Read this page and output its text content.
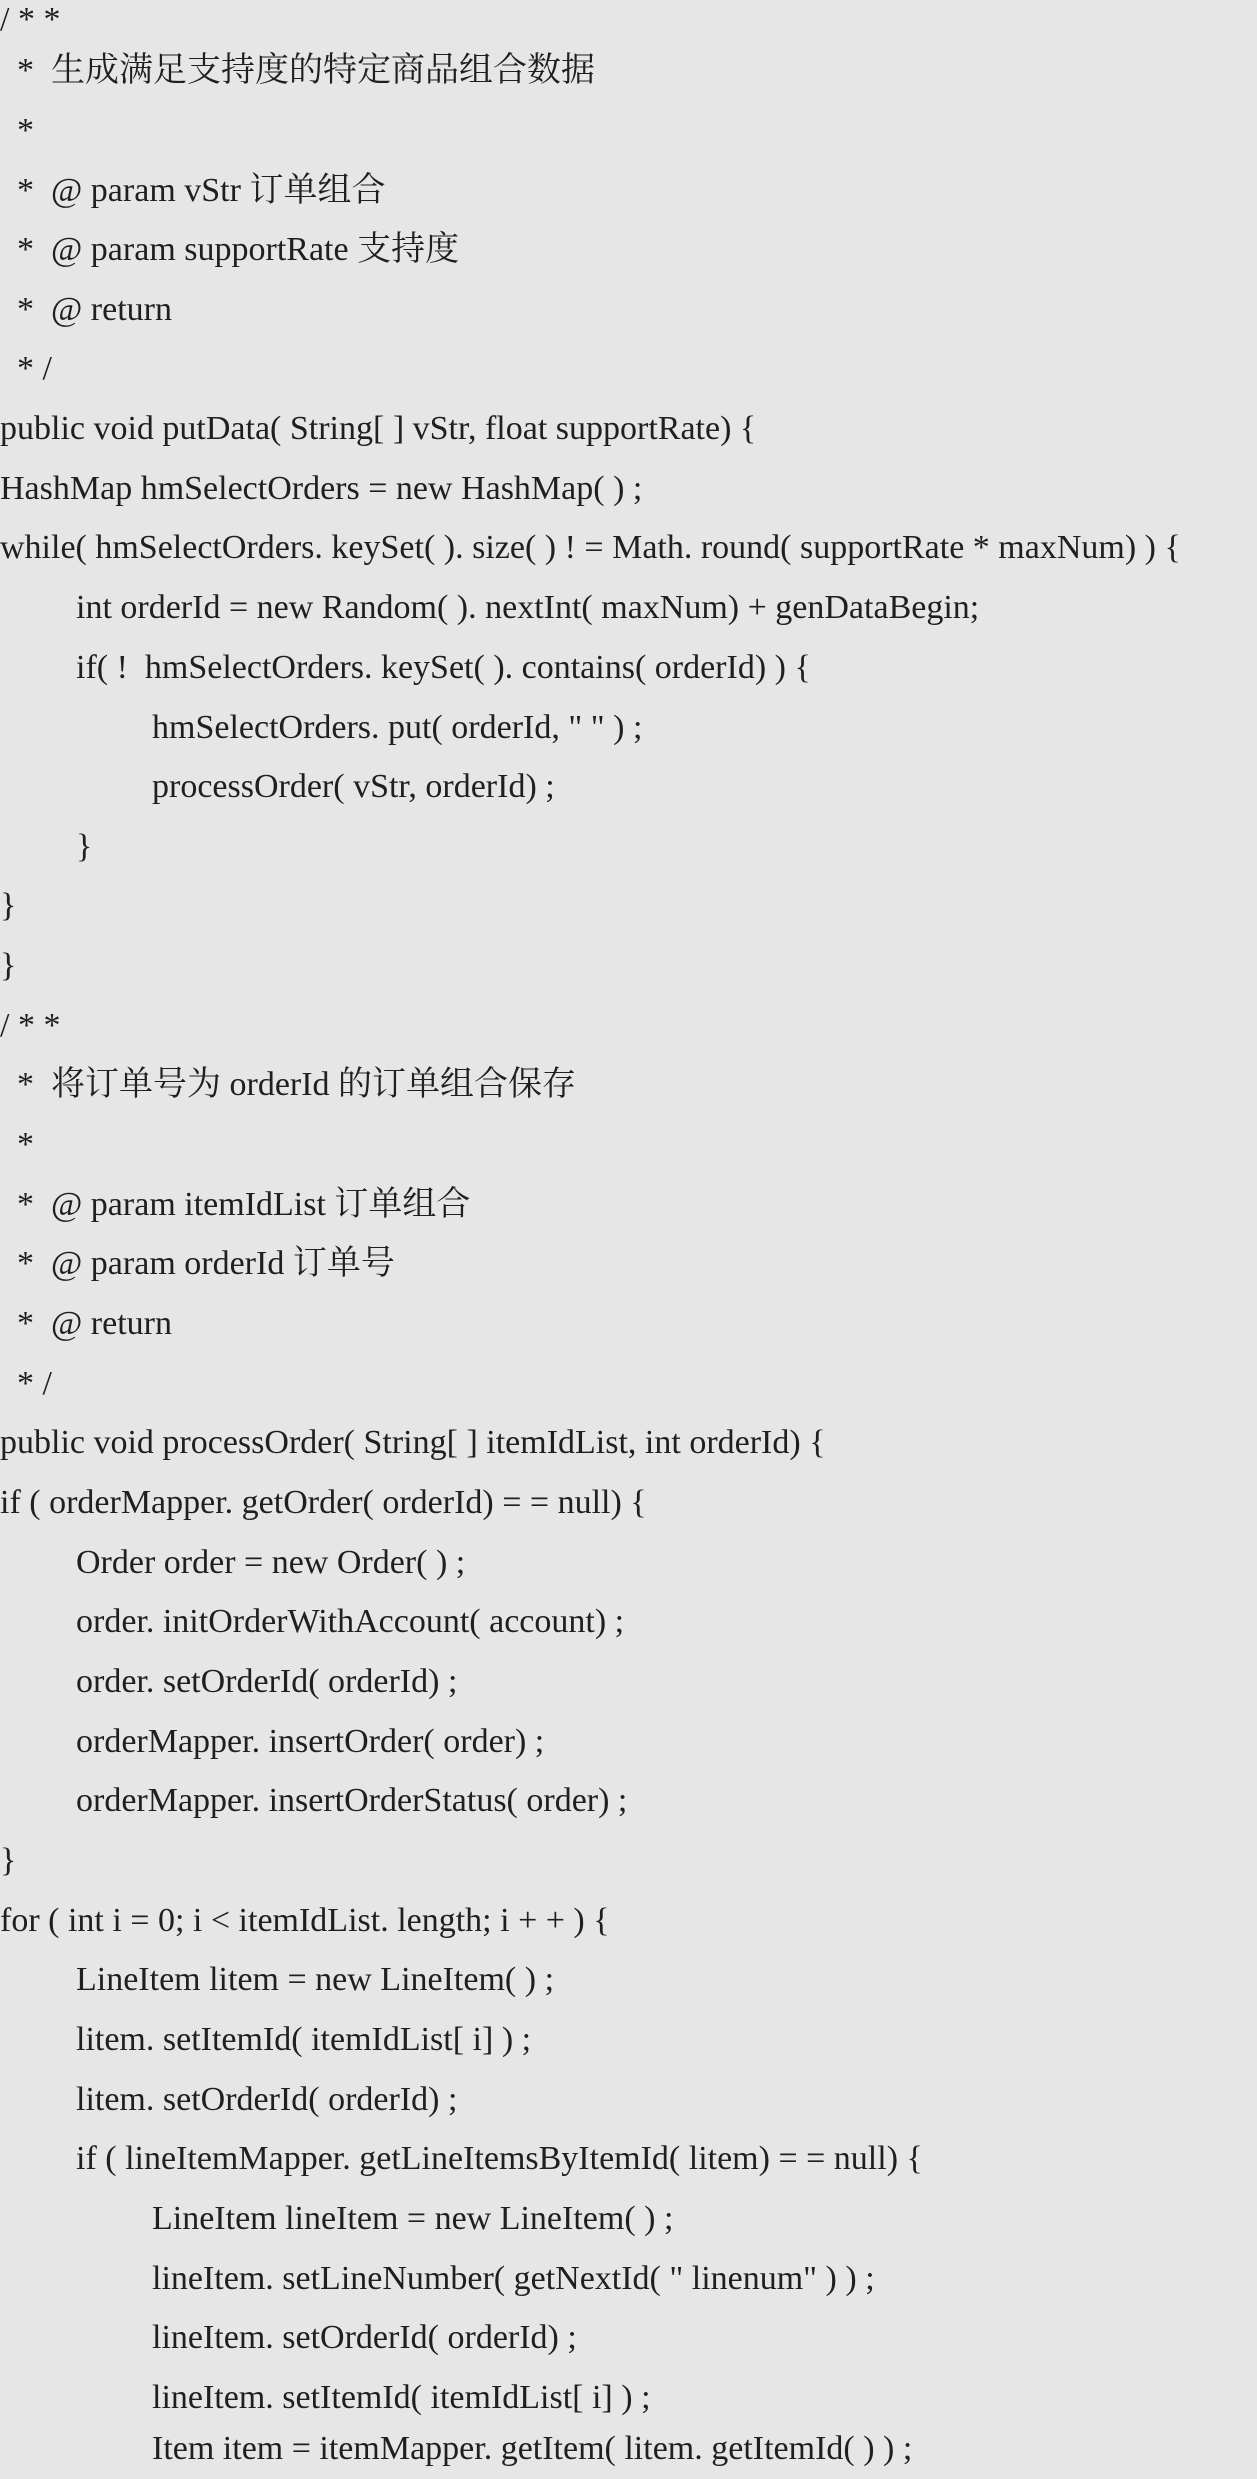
/ * *
*  生成满足支持度的特定商品组合数据
*
*  @ param vStr 订单组合
*  @ param supportRate 支持度
*  @ return
* /
public void putData( String[ ] vStr, float supportRate) {
HashMap hmSelectOrders = new HashMap( ) ;
while( hmSelectOrders. keySet( ). size( ) ! = Math. round( supportRate * maxNum) ) {
int orderId = new Random( ). nextInt( maxNum) + genDataBegin;
if( !  hmSelectOrders. keySet( ). contains( orderId) ) {
hmSelectOrders. put( orderId, " " ) ;
processOrder( vStr, orderId) ;
}
}
}
/ * *
*  将订单号为 orderId 的订单组合保存
*
*  @ param itemIdList 订单组合
*  @ param orderId 订单号
*  @ return
* /
public void processOrder( String[ ] itemIdList, int orderId) {
if ( orderMapper. getOrder( orderId) = = null) {
Order order = new Order( ) ;
order. initOrderWithAccount( account) ;
order. setOrderId( orderId) ;
orderMapper. insertOrder( order) ;
orderMapper. insertOrderStatus( order) ;
}
for ( int i = 0; i < itemIdList. length; i + + ) {
LineItem litem = new LineItem( ) ;
litem. setItemId( itemIdList[ i] ) ;
litem. setOrderId( orderId) ;
if ( lineItemMapper. getLineItemsByItemId( litem) = = null) {
LineItem lineItem = new LineItem( ) ;
lineItem. setLineNumber( getNextId( " linenum" ) ) ;
lineItem. setOrderId( orderId) ;
lineItem. setItemId( itemIdList[ i] ) ;
Item item = itemMapper. getItem( litem. getItemId( ) ) ;
